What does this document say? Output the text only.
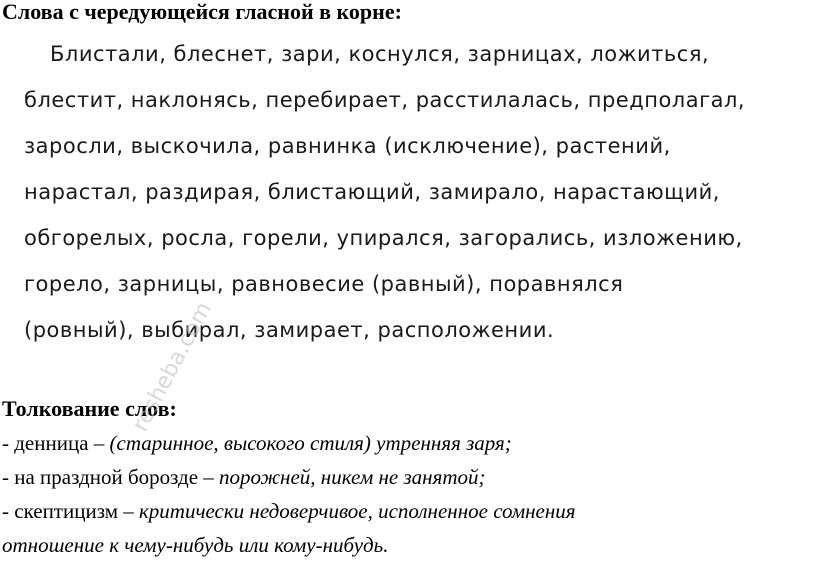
Слова с чередующейся гласной в корне:
Блистали, блеснет, зари, коснулся, зарницах, ложиться,
блестит, наклонясь, перебирает, расстилалась, предполагал,
заросли, выскочила, равнинка (исключение), растений,
нарастал, раздирая, блистающий, замирало, нарастающий,
обгорелых, росла, горели, упирался, загорались, изложению,
горело, зарницы, равновесие (равный), поравнялся
(ровный), выбирал, замирает, расположении.
Толкование слов:
- денница – (старинное, высокого стиля) утренняя заря;
- на праздной борозде – порожней, никем не занятой;
- скептицизм – критически недоверчивое, исполненное сомнения
отношение к чему-нибудь или кому-нибудь.
resheba.com
